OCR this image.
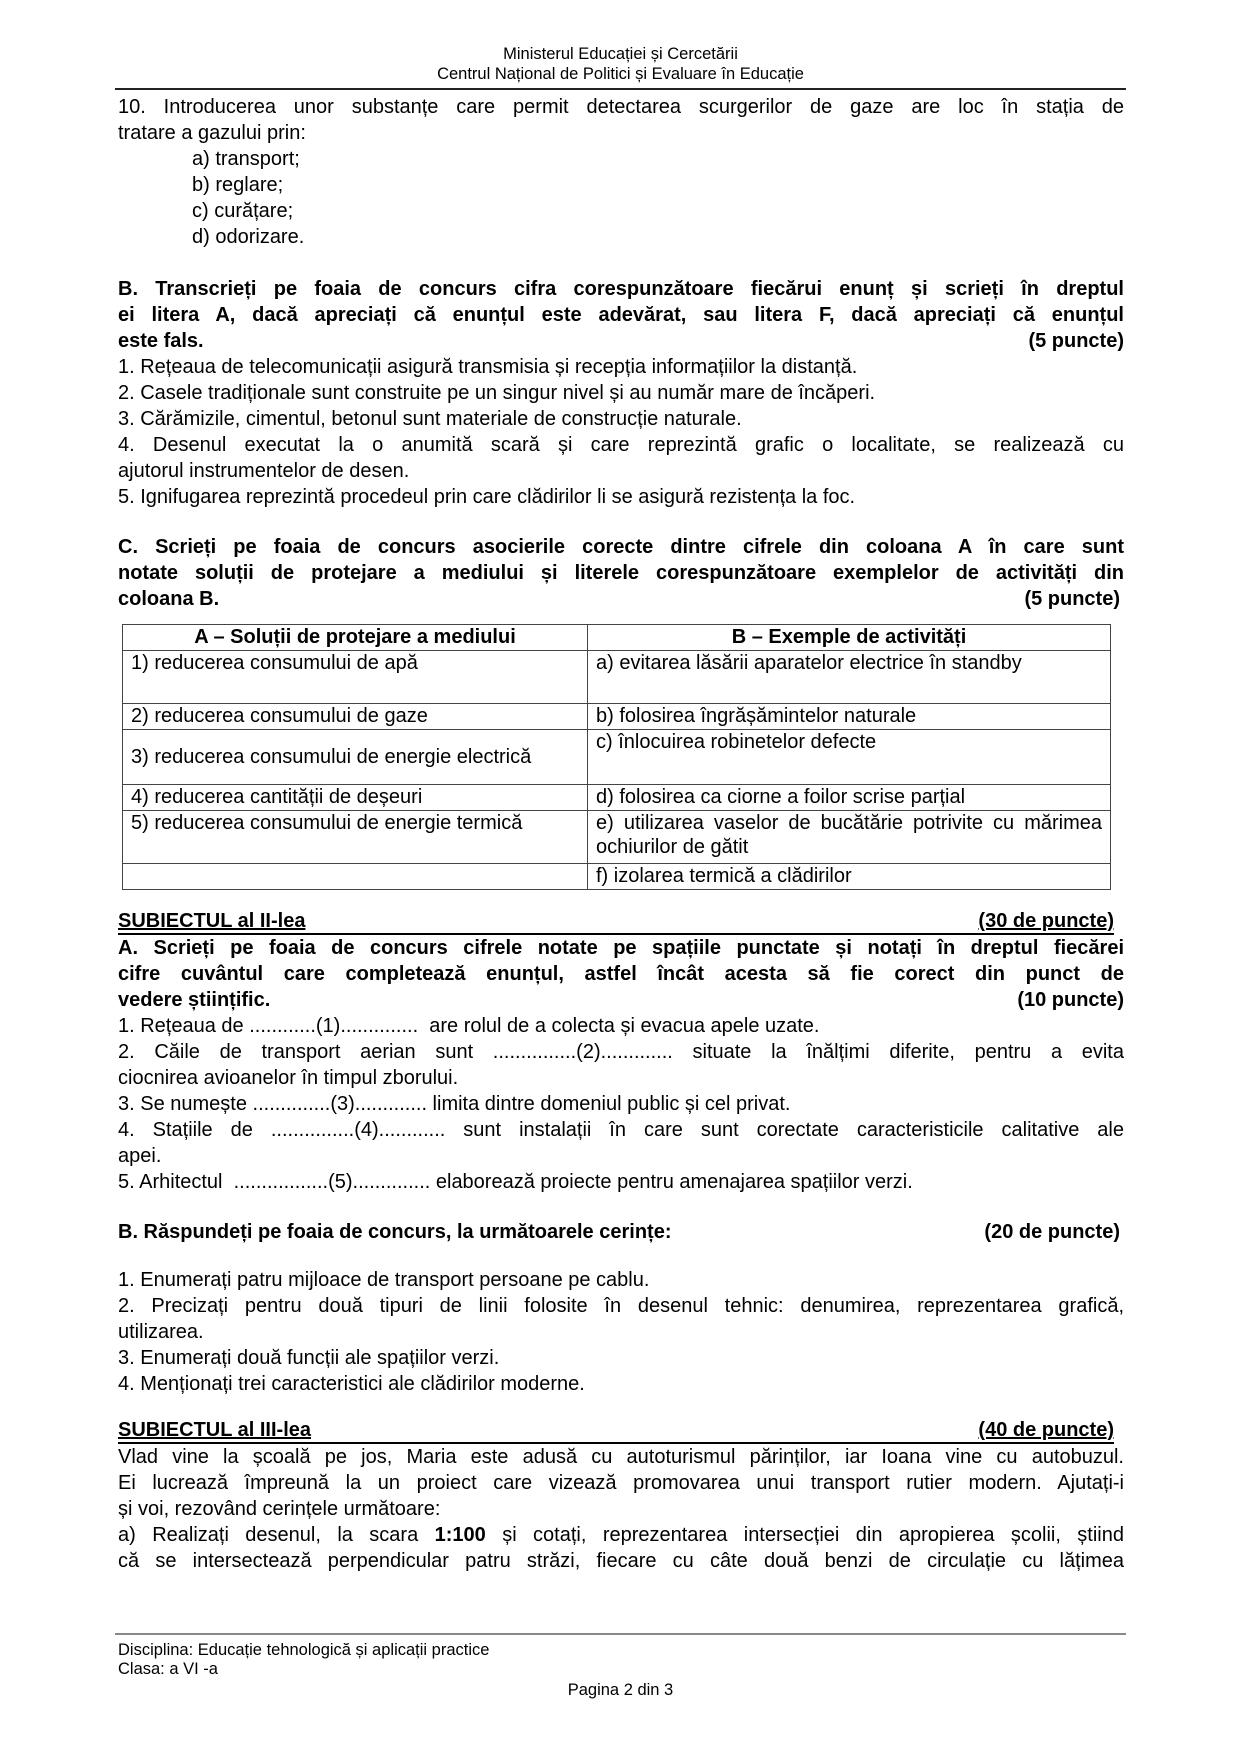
Ministerul Educației și Cercetării
Centrul Național de Politici și Evaluare în Educație
10. Introducerea unor substanțe care permit detectarea scurgerilor de gaze are loc în stația de
tratare a gazului prin:
a) transport;
b) reglare;
c) curățare;
d) odorizare.
B. Transcrieți pe foaia de concurs cifra corespunzătoare fiecărui enunț și scrieți în dreptul
ei litera A, dacă apreciați că enunțul este adevărat, sau litera F, dacă apreciați că enunțul
este fals.	(5 puncte)
1. Rețeaua de telecomunicații asigură transmisia și recepția informațiilor la distanță.
2. Casele tradiționale sunt construite pe un singur nivel și au număr mare de încăperi.
3. Cărămizile, cimentul, betonul sunt materiale de construcție naturale.
4. Desenul executat la o anumită scară și care reprezintă grafic o localitate, se realizează cu
ajutorul instrumentelor de desen.
5. Ignifugarea reprezintă procedeul prin care clădirilor li se asigură rezistența la foc.
C. Scrieți pe foaia de concurs asocierile corecte dintre cifrele din coloana A în care sunt
notate soluții de protejare a mediului și literele corespunzătoare exemplelor de activități din
coloana B.	(5 puncte)
A – Soluții de protejare a mediului	B – Exemple de activități
1) reducerea consumului de apă	a) evitarea lăsării aparatelor electrice în standby
2) reducerea consumului de gaze	b) folosirea îngrășămintelor naturale
3) reducerea consumului de energie electrică	c) înlocuirea robinetelor defecte
4) reducerea cantității de deșeuri	d) folosirea ca ciorne a foilor scrise parțial
5) reducerea consumului de energie termică	e) utilizarea vaselor de bucătărie potrivite cu mărimea ochiurilor de gătit
	f) izolarea termică a clădirilor
SUBIECTUL al II-lea	(30 de puncte)
A. Scrieți pe foaia de concurs cifrele notate pe spațiile punctate și notați în dreptul fiecărei
cifre cuvântul care completează enunțul, astfel încât acesta să fie corect din punct de
vedere științific.	(10 puncte)
1. Rețeaua de ............(1)..............  are rolul de a colecta și evacua apele uzate.
2. Căile de transport aerian sunt ...............(2)............. situate la înălțimi diferite, pentru a evita
ciocnirea avioanelor în timpul zborului.
3. Se numește ..............(3)............. limita dintre domeniul public și cel privat.
4. Stațiile de ...............(4)............ sunt instalații în care sunt corectate caracteristicile calitative ale
apei.
5. Arhitectul  .................(5).............. elaborează proiecte pentru amenajarea spațiilor verzi.
B. Răspundeți pe foaia de concurs, la următoarele cerințe:	(20 de puncte)
1. Enumerați patru mijloace de transport persoane pe cablu.
2. Precizați pentru două tipuri de linii folosite în desenul tehnic: denumirea, reprezentarea grafică,
utilizarea.
3. Enumerați două funcții ale spațiilor verzi.
4. Menționați trei caracteristici ale clădirilor moderne.
SUBIECTUL al III-lea	(40 de puncte)
Vlad vine la școală pe jos, Maria este adusă cu autoturismul părinților, iar Ioana vine cu autobuzul.
Ei lucrează împreună la un proiect care vizează promovarea unui transport rutier modern. Ajutați-i
și voi, rezovând cerințele următoare:
a) Realizați desenul, la scara 1:100 și cotați, reprezentarea intersecției din apropierea școlii, știind
că se intersectează perpendicular patru străzi, fiecare cu câte două benzi de circulație cu lățimea
Disciplina: Educație tehnologică și aplicații practice
Clasa: a VI -a
Pagina 2 din 3
